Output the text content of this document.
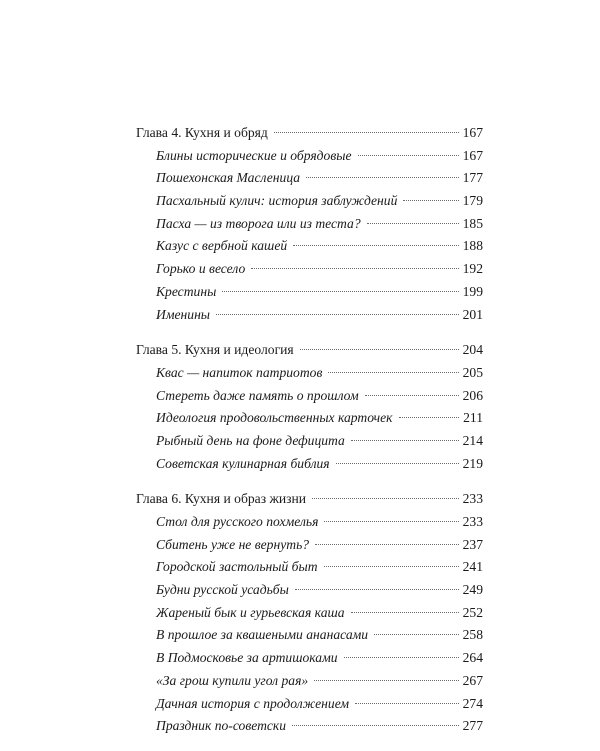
Глава 4. Кухня и обряд	167
Блины исторические и обрядовые	167
Пошехонская Масленица	177
Пасхальный кулич: история заблуждений	179
Пасха — из творога или из теста?	185
Казус с вербной кашей	188
Горько и весело	192
Крестины	199
Именины	201
Глава 5. Кухня и идеология	204
Квас — напиток патриотов	205
Стереть даже память о прошлом	206
Идеология продовольственных карточек	211
Рыбный день на фоне дефицита	214
Советская кулинарная библия	219
Глава 6. Кухня и образ жизни	233
Стол для русского похмелья	233
Сбитень уже не вернуть?	237
Городской застольный быт	241
Будни русской усадьбы	249
Жареный бык и гурьевская каша	252
В прошлое за квашеными ананасами	258
В Подмосковье за артишоками	264
«За грош купили угол рая»	267
Дачная история с продолжением	274
Праздник по-советски	277
